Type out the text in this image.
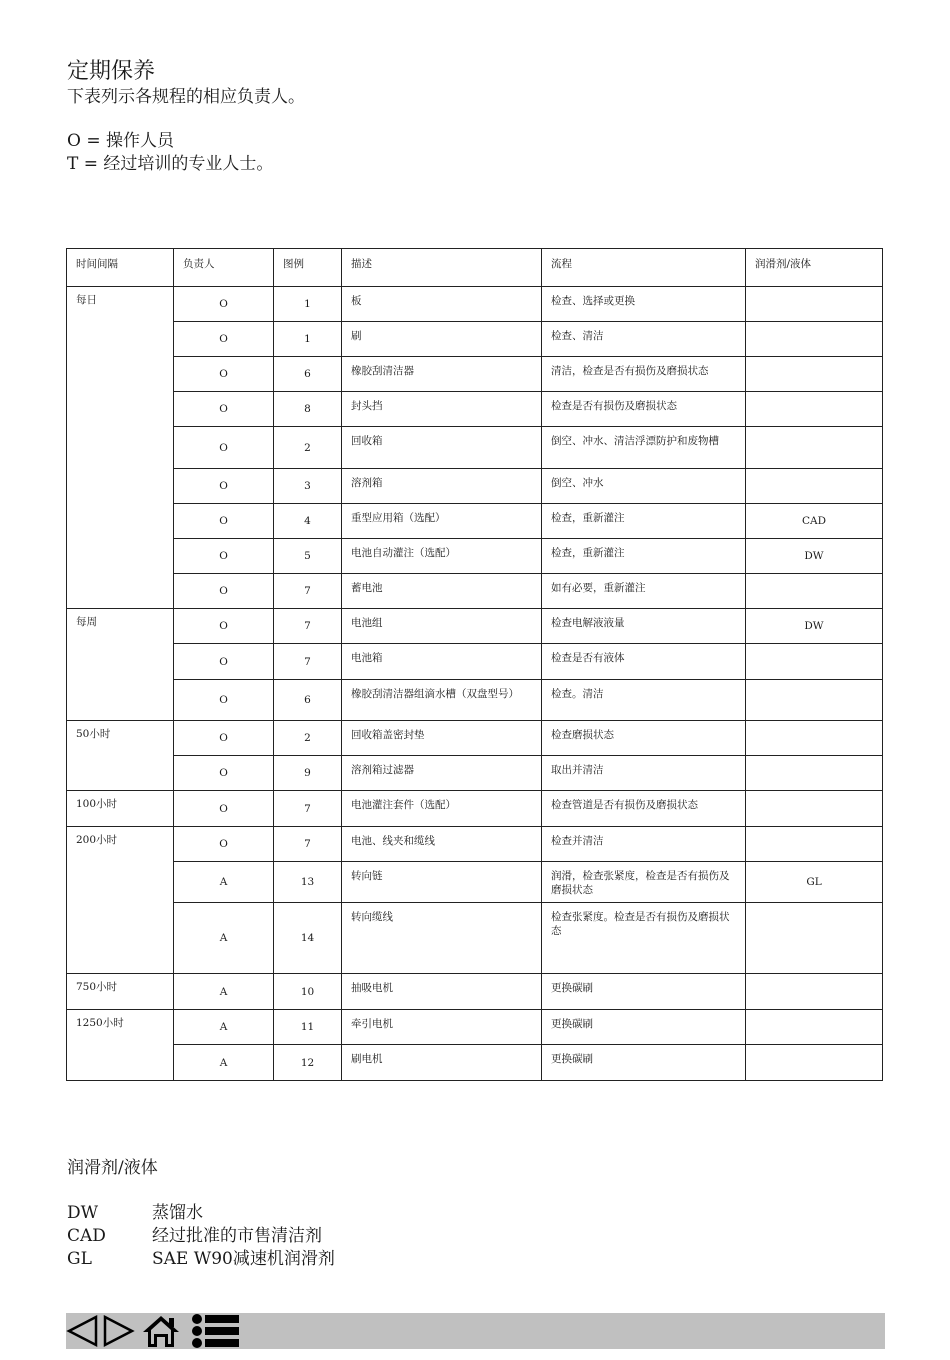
定期保养
下表列示各规程的相应负责人。
O = 操作人员
T = 经过培训的专业人士。
时间间隔	负责人	图例	描述	流程	润滑剂/液体
每日	O	1	板	检查、选择或更换	
	O	1	刷	检查、清洁	
	O	6	橡胶刮清洁器	清洁，检查是否有损伤及磨损状态	
	O	8	封头挡	检查是否有损伤及磨损状态	
	O	2	回收箱	倒空、冲水、清洁浮漂防护和废物槽	
	O	3	溶剂箱	倒空、冲水	
	O	4	重型应用箱（选配）	检查，重新灌注	CAD
	O	5	电池自动灌注（选配）	检查，重新灌注	DW
	O	7	蓄电池	如有必要，重新灌注	
每周	O	7	电池组	检查电解液液量	DW
	O	7	电池箱	检查是否有液体	
	O	6	橡胶刮清洁器组滴水槽（双盘型号）	检查。清洁	
50小时	O	2	回收箱盖密封垫	检查磨损状态	
	O	9	溶剂箱过滤器	取出并清洁	
100小时	O	7	电池灌注套件（选配）	检查管道是否有损伤及磨损状态	
200小时	O	7	电池、线夹和缆线	检查并清洁	
	A	13	转向链	润滑，检查张紧度，检查是否有损伤及磨损状态	GL
	A	14	转向缆线	检查张紧度。检查是否有损伤及磨损状态	
750小时	A	10	抽吸电机	更换碳刷	
1250小时	A	11	牵引电机	更换碳刷	
	A	12	刷电机	更换碳刷	
润滑剂/液体
DW	蒸馏水
CAD	经过批准的市售清洁剂
GL	SAE W90减速机润滑剂
